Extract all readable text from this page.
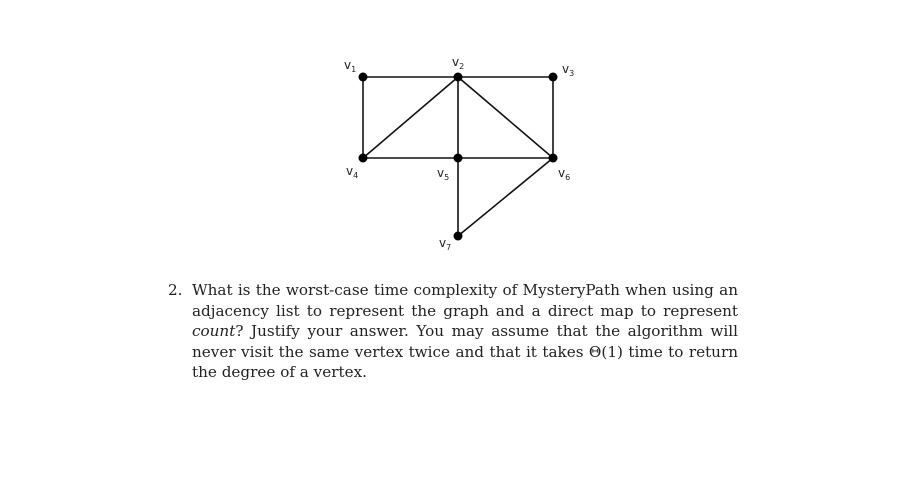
$v_1$
$v_2$	$v_3$
$v_4$	$v_5$	$v_6$
$v_7$
2. What is the worst-case time complexity of MysteryPath when using an adjacency list to represent the graph and a direct map to represent count? Justify your answer. You may assume that the algorithm will never visit the same vertex twice and that it takes Θ(1) time to return the degree of a vertex.
